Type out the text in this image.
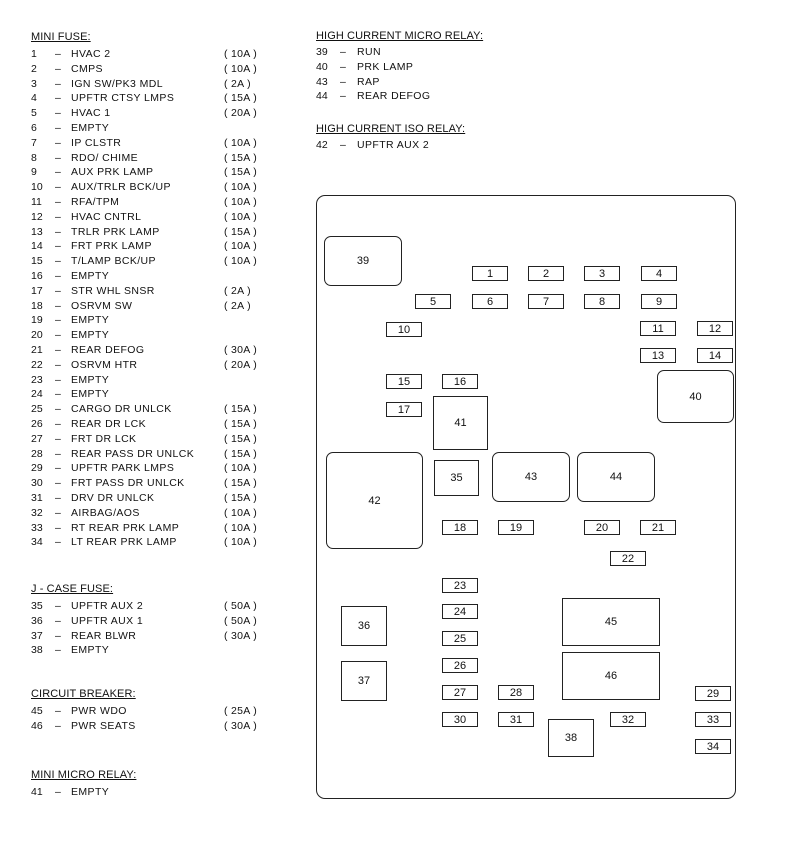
MINI FUSE:
1 – HVAC 2	( 10A )
2 – CMPS	( 10A )
3 – IGN SW/PK3 MDL	( 2A )
4 – UPFTR CTSY LMPS	( 15A )
5 – HVAC 1	( 20A )
6 – EMPTY
7 – IP CLSTR	( 10A )
8 – RDO/ CHIME	( 15A )
9 – AUX PRK LAMP	( 15A )
10 – AUX/TRLR BCK/UP	( 10A )
11 – RFA/TPM	( 10A )
12 – HVAC CNTRL	( 10A )
13 – TRLR PRK LAMP	( 15A )
14 – FRT PRK LAMP	( 10A )
15 – T/LAMP BCK/UP	( 10A )
16 – EMPTY
17 – STR WHL SNSR	( 2A )
18 – OSRVM SW	( 2A )
19 – EMPTY
20 – EMPTY
21 – REAR DEFOG	( 30A )
22 – OSRVM HTR	( 20A )
23 – EMPTY
24 – EMPTY
25 – CARGO DR UNLCK	( 15A )
26 – REAR DR LCK	( 15A )
27 – FRT DR LCK	( 15A )
28 – REAR PASS DR UNLCK	( 15A )
29 – UPFTR PARK LMPS	( 10A )
30 – FRT PASS DR UNLCK	( 15A )
31 – DRV DR UNLCK	( 15A )
32 – AIRBAG/AOS	( 10A )
33 – RT REAR PRK LAMP	( 10A )
34 – LT REAR PRK LAMP	( 10A )
J - CASE FUSE:
35 – UPFTR AUX 2	( 50A )
36 – UPFTR AUX 1	( 50A )
37 – REAR BLWR	( 30A )
38 – EMPTY
CIRCUIT BREAKER:
45 – PWR WDO	( 25A )
46 – PWR SEATS	( 30A )
MINI MICRO RELAY:
41 – EMPTY
HIGH CURRENT MICRO RELAY:
39 – RUN
40 – PRK LAMP
43 – RAP
44 – REAR DEFOG
HIGH CURRENT ISO RELAY:
42 – UPFTR AUX 2
1	2	3	4
5	6	7	8	9
10	11	12
13	14
15	16
17
18	19	20	21
22
23
24
25
26
27	28	29
30	31	32	33
34
35
36
37
38
39
40
41
42
43	44
45
46
